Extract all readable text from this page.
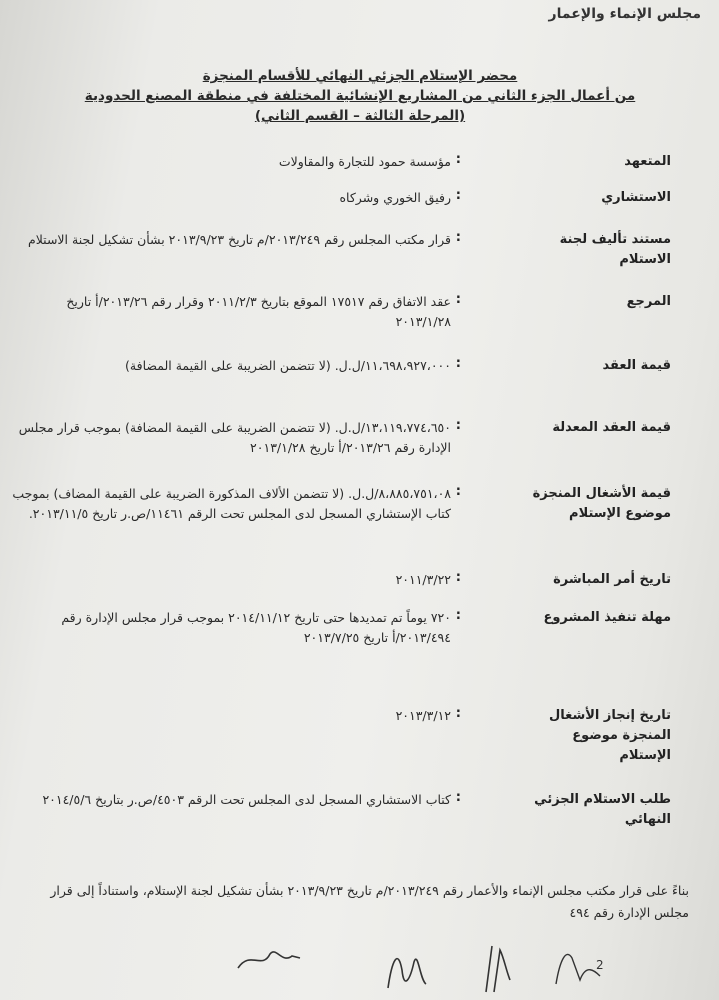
مجلس الإنماء والإعمار
محضر الإستلام الجزئي النهائي للأقسام المنجزة
من أعمال الجزء الثاني من المشاريع الإنشائية المختلفة في منطقة المصنع الحدودية
(المرحلة الثالثة – القسم الثاني)
المتعهد
:
مؤسسة حمود للتجارة والمقاولات
الاستشاري
:
رفيق الخوري وشركاه
مستند تأليف لجنة الاستلام
:
قرار مكتب المجلس رقم ٢٠١٣/٢٤٩/م تاريخ ٢٠١٣/٩/٢٣ بشأن تشكيل لجنة الاستلام
المرجع
:
عقد الاتفاق رقم ١٧٥١٧ الموقع بتاريخ ٢٠١١/٢/٣ وقرار رقم ٢٠١٣/٢٦/أ تاريخ ٢٠١٣/١/٢٨
قيمة العقد
:
١١،٦٩٨،٩٢٧،٠٠٠/ل.ل. (لا تتضمن الضريبة على القيمة المضافة)
قيمة العقد المعدلة
:
١٣،١١٩،٧٧٤،٦٥٠/ل.ل. (لا تتضمن الضريبة على القيمة المضافة) بموجب قرار مجلس الإدارة رقم ٢٠١٣/٢٦/أ تاريخ ٢٠١٣/١/٢٨
قيمة الأشغال المنجزة موضوع الإستلام
:
٨،٨٨٥،٧٥١،٠٨/ل.ل. (لا تتضمن الألاف المذكورة الضريبة على القيمة المضاف) بموجب كتاب الإستشاري المسجل لدى المجلس تحت الرقم ١١٤٦١/ص.ر تاريخ ٢٠١٣/١١/٥.
تاريخ أمر المباشرة
:
٢٠١١/٣/٢٢
مهلة تنفيذ المشروع
:
٧٢٠ يوماً تم تمديدها حتى تاريخ ٢٠١٤/١١/١٢ بموجب قرار مجلس الإدارة رقم ٢٠١٣/٤٩٤/أ تاريخ ٢٠١٣/٧/٢٥
تاريخ إنجاز الأشغال المنجزة موضوع الإستلام
:
٢٠١٣/٣/١٢
طلب الاستلام الجزئي النهائي
:
كتاب الاستشاري المسجل لدى المجلس تحت الرقم ٤٥٠٣/ص.ر بتاريخ ٢٠١٤/٥/٦
بناءً على قرار مكتب مجلس الإنماء والأعمار رقم ٢٠١٣/٢٤٩/م تاريخ ٢٠١٣/٩/٢٣ بشأن تشكيل لجنة الإستلام، واستناداً إلى قرار مجلس الإدارة رقم ٤٩٤
2
